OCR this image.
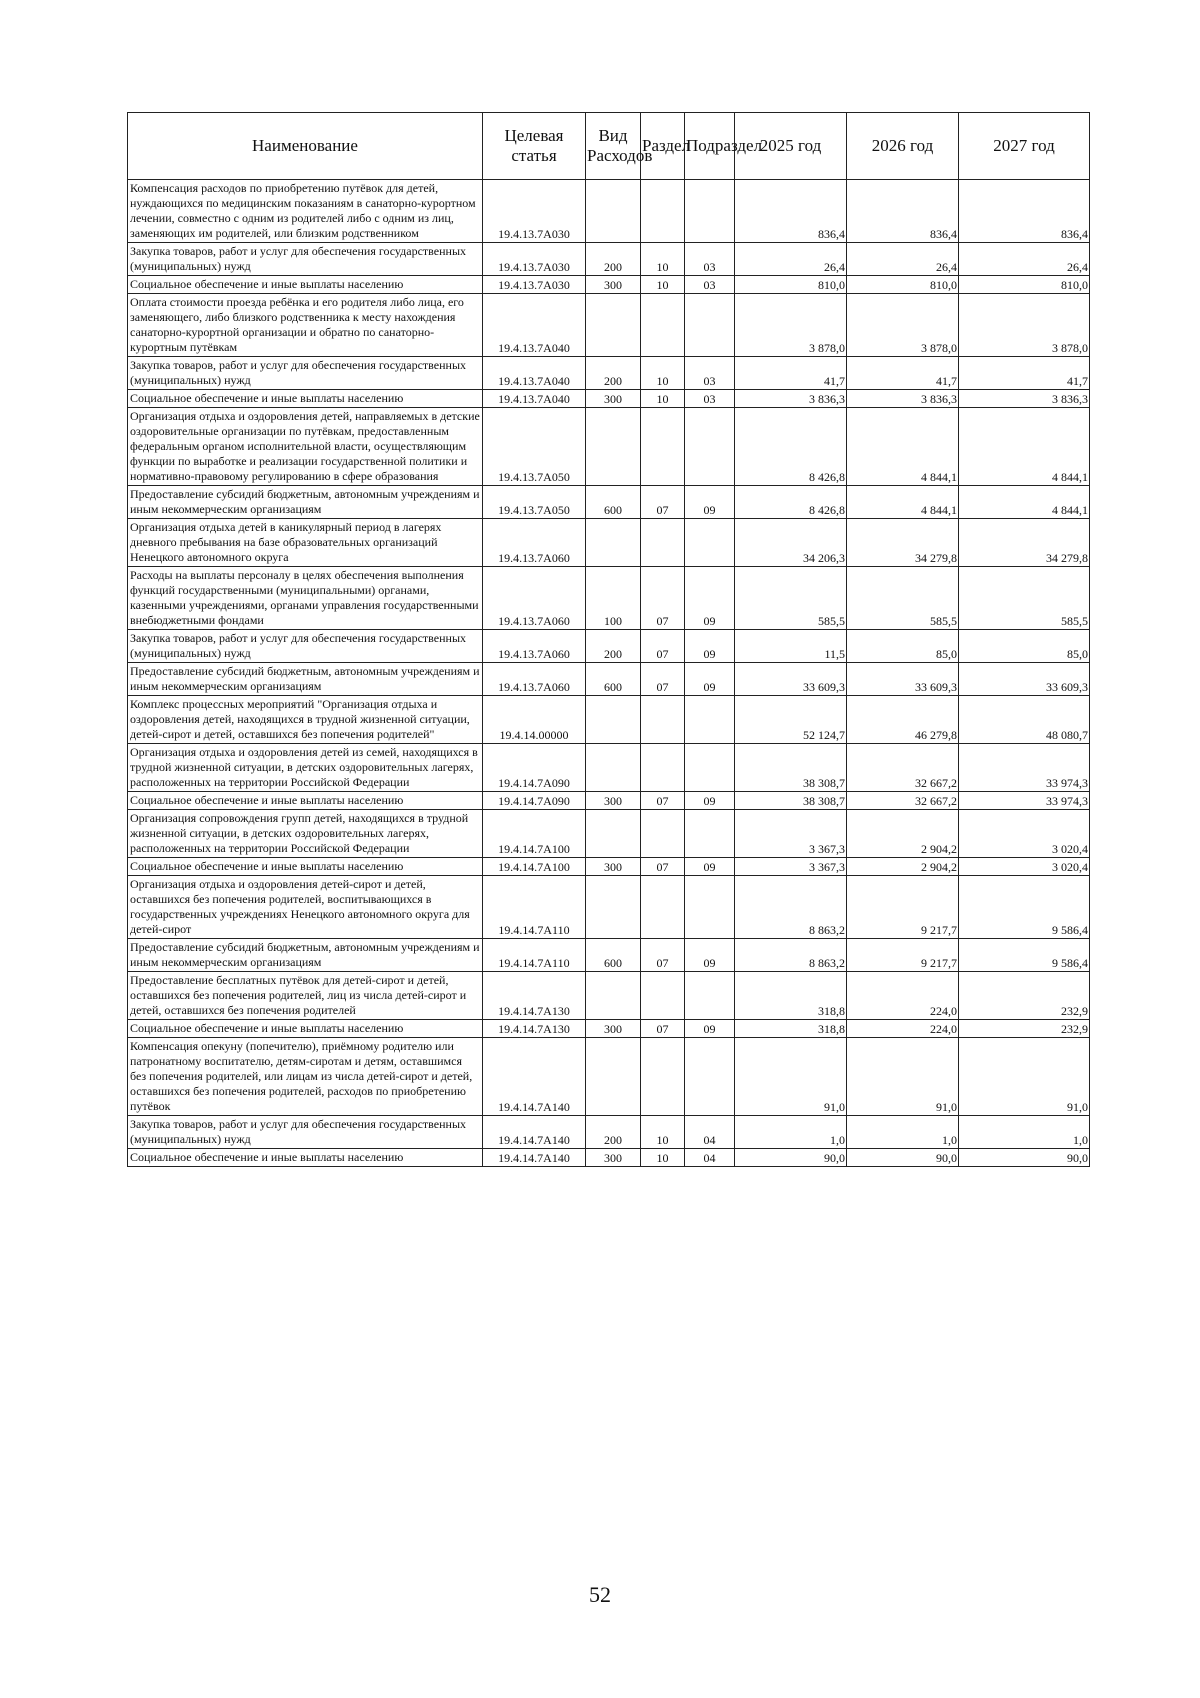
Наименование	Целевая статья	Вид Расходов	Раздел	Подраздел	2025 год	2026 год	2027 год
Компенсация расходов по приобретению путёвок для детей, нуждающихся по медицинским показаниям в санаторно-курортном лечении, совместно с одним из родителей либо с одним из лиц, заменяющих им родителей, или близким родственником	19.4.13.7А030				836,4	836,4	836,4
Закупка товаров, работ и услуг для обеспечения государственных (муниципальных) нужд	19.4.13.7А030	200	10	03	26,4	26,4	26,4
Социальное обеспечение и иные выплаты населению	19.4.13.7А030	300	10	03	810,0	810,0	810,0
Оплата стоимости проезда ребёнка и его родителя либо лица, его заменяющего, либо близкого родственника к месту нахождения санаторно-курортной организации и обратно по санаторно-курортным путёвкам	19.4.13.7А040				3 878,0	3 878,0	3 878,0
Закупка товаров, работ и услуг для обеспечения государственных (муниципальных) нужд	19.4.13.7А040	200	10	03	41,7	41,7	41,7
Социальное обеспечение и иные выплаты населению	19.4.13.7А040	300	10	03	3 836,3	3 836,3	3 836,3
Организация отдыха и оздоровления детей, направляемых в детские оздоровительные организации по путёвкам, предоставленным федеральным органом исполнительной власти, осуществляющим функции по выработке и реализации государственной политики и нормативно-правовому регулированию в сфере образования	19.4.13.7А050				8 426,8	4 844,1	4 844,1
Предоставление субсидий бюджетным, автономным учреждениям и иным некоммерческим организациям	19.4.13.7А050	600	07	09	8 426,8	4 844,1	4 844,1
Организация отдыха детей в каникулярный период в лагерях дневного пребывания на базе образовательных организаций Ненецкого автономного округа	19.4.13.7А060				34 206,3	34 279,8	34 279,8
Расходы на выплаты персоналу в целях обеспечения выполнения функций государственными (муниципальными) органами, казенными учреждениями, органами управления государственными внебюджетными фондами	19.4.13.7А060	100	07	09	585,5	585,5	585,5
Закупка товаров, работ и услуг для обеспечения государственных (муниципальных) нужд	19.4.13.7А060	200	07	09	11,5	85,0	85,0
Предоставление субсидий бюджетным, автономным учреждениям и иным некоммерческим организациям	19.4.13.7А060	600	07	09	33 609,3	33 609,3	33 609,3
Комплекс процессных мероприятий "Организация отдыха и оздоровления детей, находящихся в трудной жизненной ситуации, детей-сирот и детей, оставшихся без попечения родителей"	19.4.14.00000				52 124,7	46 279,8	48 080,7
Организация отдыха и оздоровления детей из семей, находящихся в трудной жизненной ситуации, в детских оздоровительных лагерях, расположенных на территории Российской Федерации	19.4.14.7А090				38 308,7	32 667,2	33 974,3
Социальное обеспечение и иные выплаты населению	19.4.14.7А090	300	07	09	38 308,7	32 667,2	33 974,3
Организация сопровождения групп детей, находящихся в трудной жизненной ситуации, в детских оздоровительных лагерях, расположенных на территории Российской Федерации	19.4.14.7А100				3 367,3	2 904,2	3 020,4
Социальное обеспечение и иные выплаты населению	19.4.14.7А100	300	07	09	3 367,3	2 904,2	3 020,4
Организация отдыха и оздоровления детей-сирот и детей, оставшихся без попечения родителей, воспитывающихся в государственных учреждениях Ненецкого автономного округа для детей-сирот	19.4.14.7А110				8 863,2	9 217,7	9 586,4
Предоставление субсидий бюджетным, автономным учреждениям и иным некоммерческим организациям	19.4.14.7А110	600	07	09	8 863,2	9 217,7	9 586,4
Предоставление бесплатных путёвок для детей-сирот и детей, оставшихся без попечения родителей, лиц из числа детей-сирот и детей, оставшихся без попечения родителей	19.4.14.7А130				318,8	224,0	232,9
Социальное обеспечение и иные выплаты населению	19.4.14.7А130	300	07	09	318,8	224,0	232,9
Компенсация опекуну (попечителю), приёмному родителю или патронатному воспитателю, детям-сиротам и детям, оставшимся без попечения родителей, или лицам из числа детей-сирот и детей, оставшихся без попечения родителей, расходов по приобретению путёвок	19.4.14.7А140				91,0	91,0	91,0
Закупка товаров, работ и услуг для обеспечения государственных (муниципальных) нужд	19.4.14.7А140	200	10	04	1,0	1,0	1,0
Социальное обеспечение и иные выплаты населению	19.4.14.7А140	300	10	04	90,0	90,0	90,0
52
